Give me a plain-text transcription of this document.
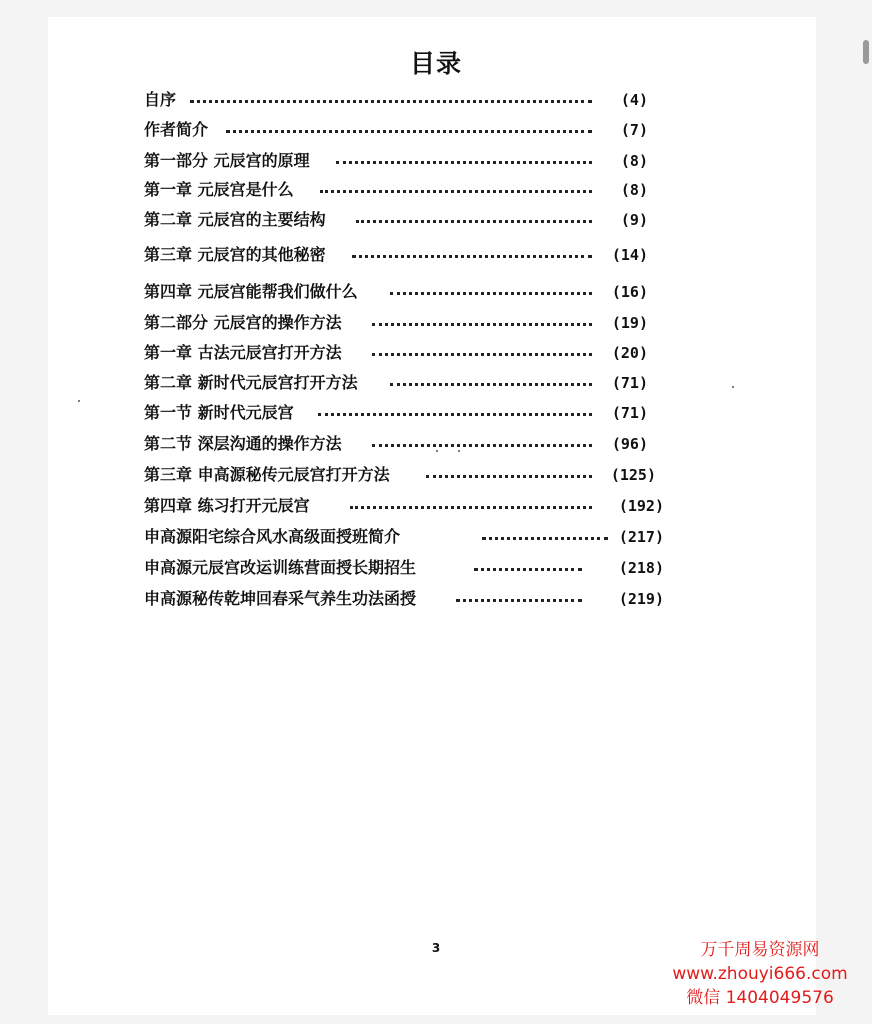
目录
自序	(4)
作者简介	(7)
第一部分 元辰宫的原理	(8)
第一章 元辰宫是什么	(8)
第二章 元辰宫的主要结构	(9)
第三章 元辰宫的其他秘密	(14)
第四章 元辰宫能帮我们做什么	(16)
第二部分 元辰宫的操作方法	(19)
第一章 古法元辰宫打开方法	(20)
第二章 新时代元辰宫打开方法	(71)
第一节 新时代元辰宫	(71)
第二节 深层沟通的操作方法	(96)
第三章 申高源秘传元辰宫打开方法	(125)
第四章 练习打开元辰宫	(192)
申高源阳宅综合风水高级面授班简介	(217)
申高源元辰宫改运训练营面授长期招生	(218)
申高源秘传乾坤回春采气养生功法函授	(219)
3	万千周易资源网
www.zhouyi666.com
微信 1404049576
